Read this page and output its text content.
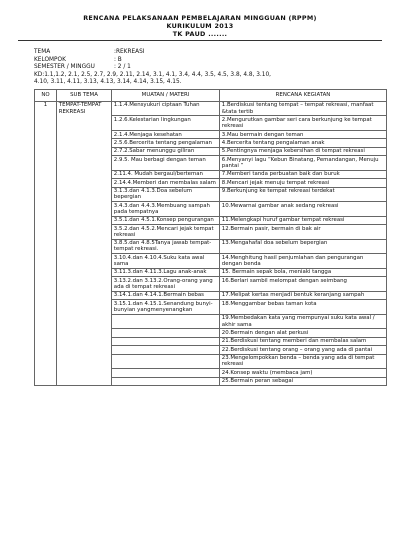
RENCANA PELAKSANAAN PEMBELAJARAN MINGGUAN (RPPM)
KURIKULUM 2013
TK PAUD .......
TEMA	:REKREASI
KELOMPOK	: B
SEMESTER / MINGGU	: 2 / 1
KD:1.1,1.2, 2.1, 2.5, 2.7, 2.9, 2.11, 2.14, 3.1, 4.1, 3.4, 4.4, 3.5, 4.5, 3.8, 4.8, 3.10,
4.10, 3.11, 4.11, 3.13, 4.13, 3.14, 4.14, 3.15, 4.15.
NO	SUB TEMA	MUATAN / MATERI	RENCANA KEGIATAN
1	TEMPAT-TEMPAT REKREASI	1.1.4.Mensyukuri ciptaan Tuhan	1.Berdiskusi tentang tempat – tempat rekreasi, manfaat &tata tertib
		1.2.6.Kelestarian lingkungan	2.Mengurutkan gambar seri cara berkunjung ke tempat rekreasi
		2.1.4.Menjaga kesehatan	3.Mau bermain dengan teman
		2.5.6.Bercerita tentang pengalaman	4.Bercerita tentang pengalaman anak
		2.7.2.Sabar menunggu giliran	5.Pentingnya menjaga kebersihan di tempat rekreasi
		2.9.5. Mau berbagi dengan teman	6.Menyanyi lagu “Kebun Binatang, Pemandangan, Menuju pantai ”
		2.11.4. Mudah bergaul/berteman	7.Memberi tanda perbuatan baik dan buruk
		2.14.4.Memberi dan membalas salam	8.Mencari jejak menuju tempat rekreasi
		3.1.3.dan 4.1.3.Doa sebelum bepergian	9.Berkunjung ke tempat rekreasi terdekat
		3.4.3.dan 4.4.3.Membuang sampah pada tempatnya	10.Mewarnai gambar anak sedang rekreasi
		3.5.1.dan 4.5.1.Konsep pengurangan	11.Melengkapi huruf gambar tempat rekreasi
		3.5.2.dan 4.5.2.Mencari jejak tempat rekreasi	12.Bermain pasir, bermain di bak air
		3.8.5.dan 4.8.5Tanya jawab tempat-tempat rekreasi.	13.Mengahafal doa sebelum bepergian
		3.10.4.dan 4.10.4.Suku kata awal sama	14.Menghitung hasil penjumlahan dan pengurangan dengan benda
		3.11.3.dan 4.11.3.Lagu anak-anak	15. Bermain sepak bola, meniaki tangga
		3.13.2.dan 3.13.2.Orang-orang yang ada di tempat rekreasi	16.Berlari sambil melompat dengan seimbang
		3.14.1.dan 4.14.1.Bermain bebas	17.Melipat kertas menjadi bentuk keranjang sampah
		3.15.1.dan 4.15.1.Senandung bunyi-bunyian yangmenyenangkan	18.Menggambar bebas taman kota
			19.Membedakan kata yang mempunyai suku kata awal / akhir sama
			20.Bermain dengan alat perkusi
			21.Berdiskusi tentang memberi dan membalas salam
			22.Berdiskusi tentang orang – orang yang ada di pantai
			23.Mengelompokkan benda – benda yang ada di tempat rekreasi
			24.Konsep waktu (membaca jam)
			25.Bermain peran sebagai
